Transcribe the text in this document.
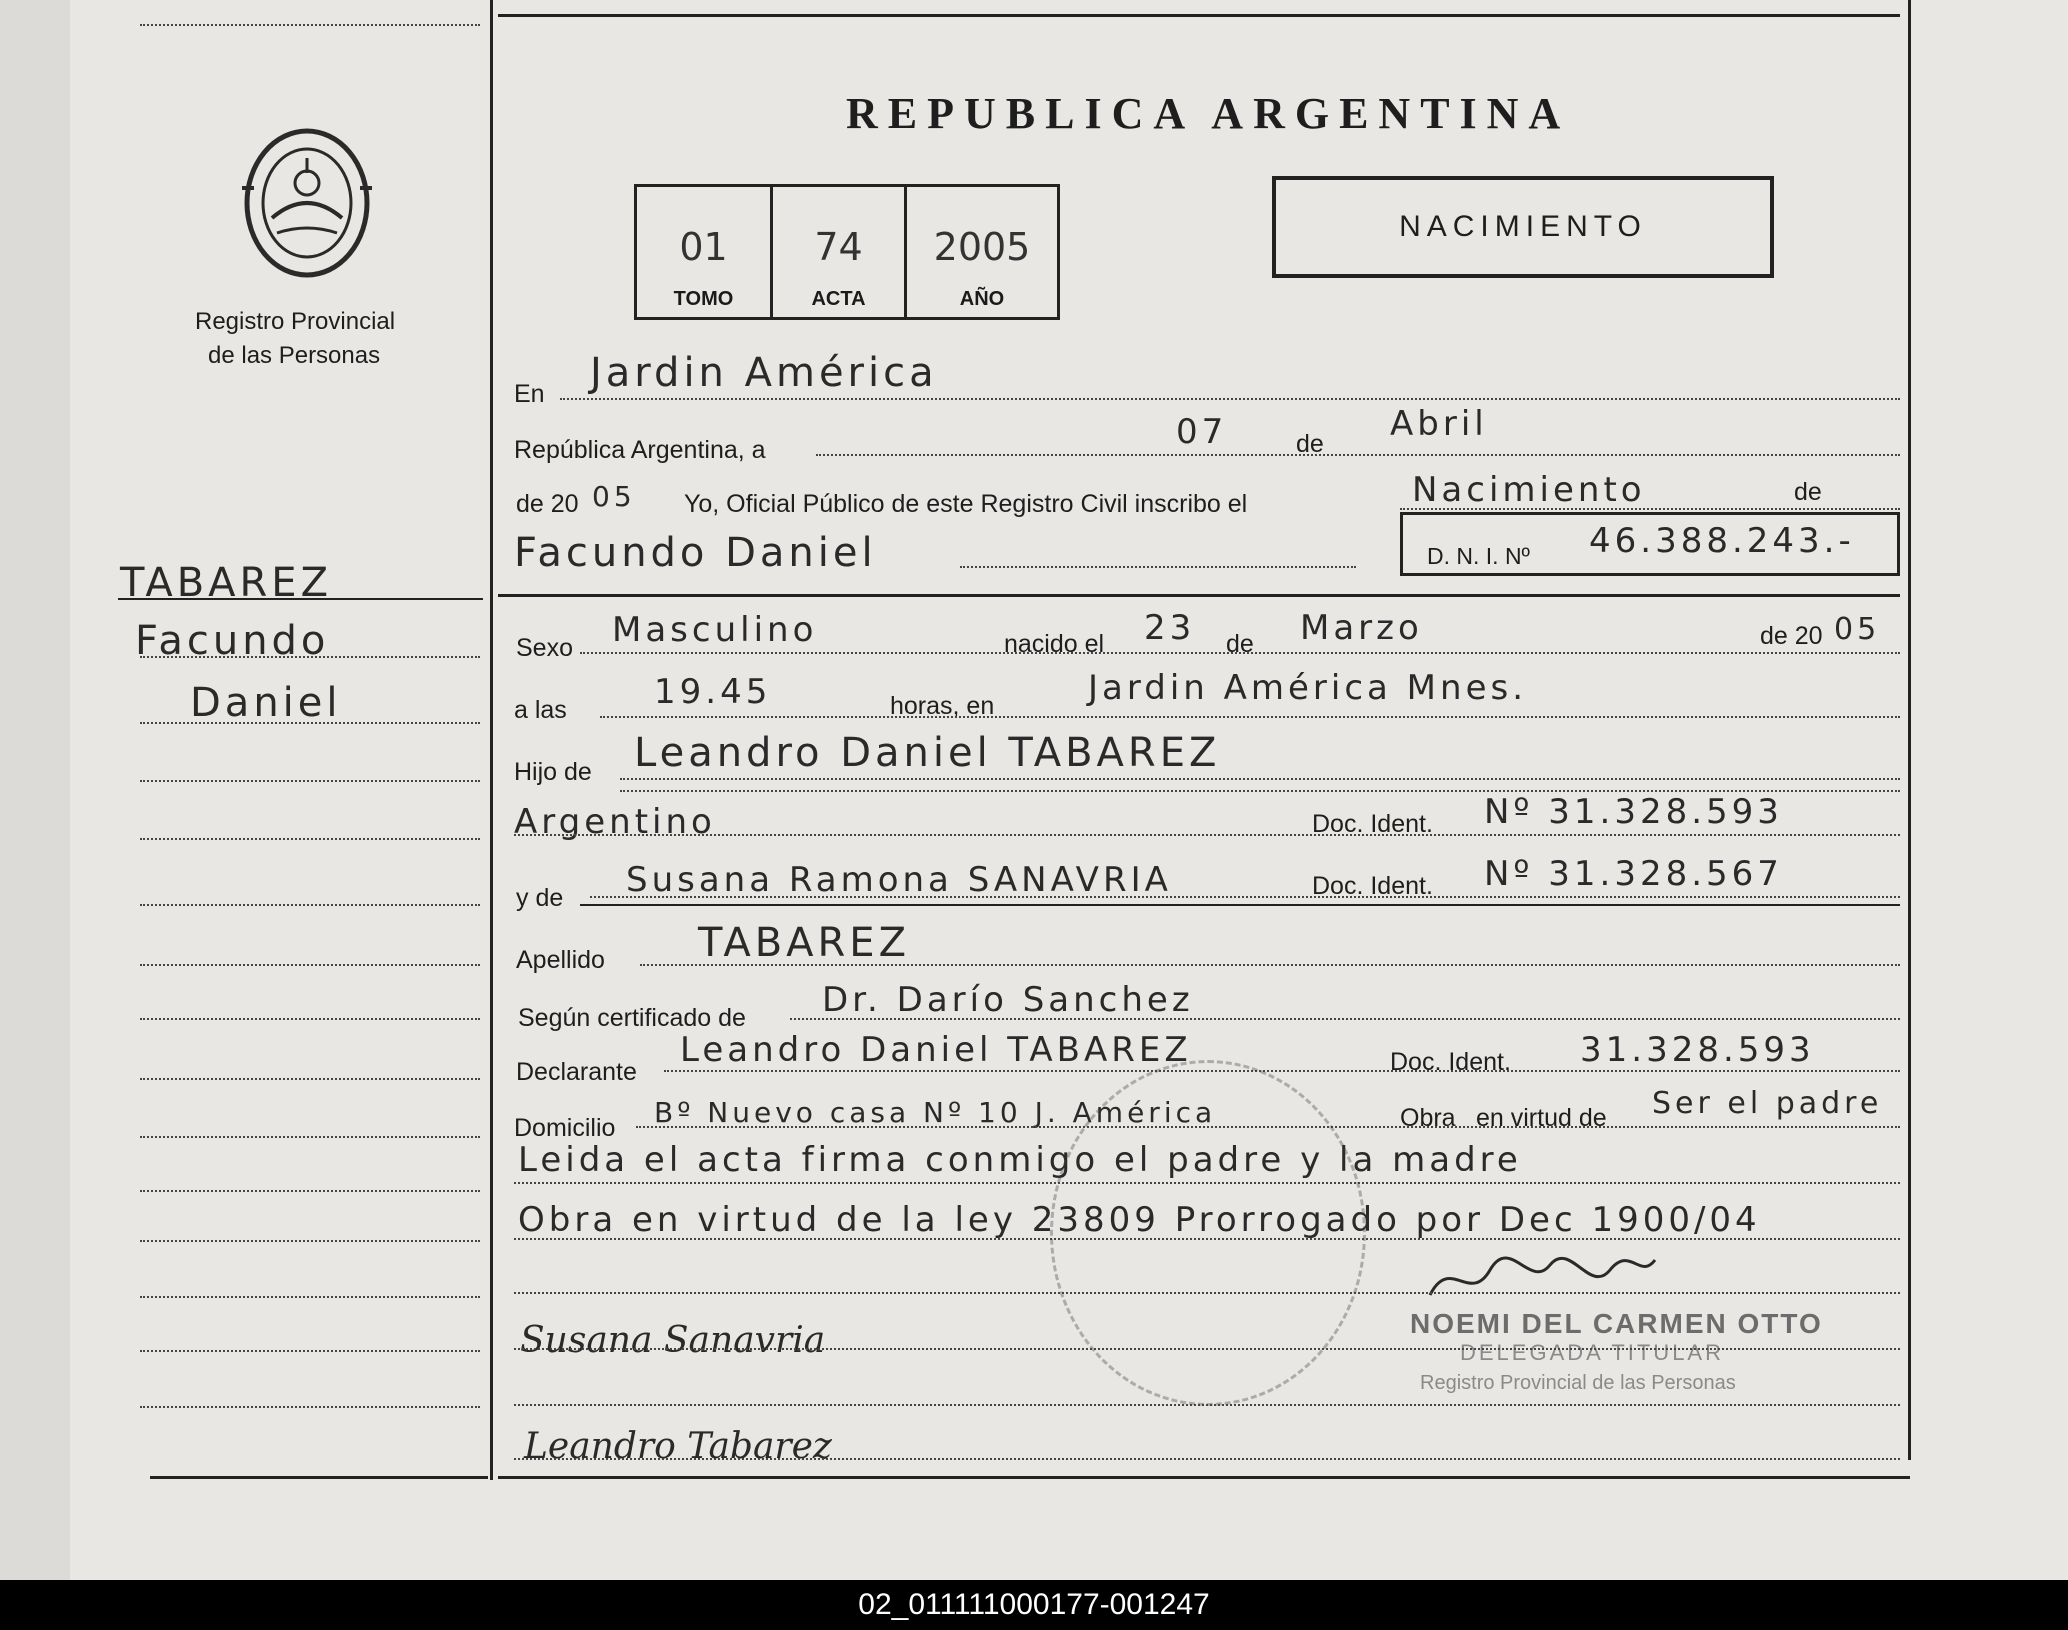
Registro Provincial
de las Personas
TABAREZ
Facundo
Daniel
REPUBLICA ARGENTINA
01
TOMO
74
ACTA
2005
AÑO
NACIMIENTO
En Jardin América
República Argentina, a	07	de Abril
de 20 05 Yo, Oficial Público de este Registro Civil inscribo el	Nacimiento	de
Facundo Daniel	D. N. I. Nº 46.388.243.-
Sexo Masculino	nacido el 23 de Marzo	de 20 05
a las	19.45	horas, en	Jardin América Mnes.
Hijo de Leandro Daniel TABAREZ
Argentino	Doc. Ident. Nº 31.328.593
y de Susana Ramona SANAVRIA	Doc. Ident. Nº 31.328.567
Apellido TABAREZ
Según certificado de Dr. Darío Sanchez
Declarante
Leandro Daniel TABAREZ	Doc. Ident. 31.328.593
Domicilio Bº Nuevo casa Nº 10 J. América	Obra en virtud de Ser el padre
Leida el acta firma conmigo el padre y la madre
Obra en virtud de la ley 23809 Prorrogado por Dec 1900/04
NOEMI DEL CARMEN OTTO
DELEGADA TITULAR
Registro Provincial de las Personas
Susana Sanavria
Leandro Tabarez
02_011111000177-001247
